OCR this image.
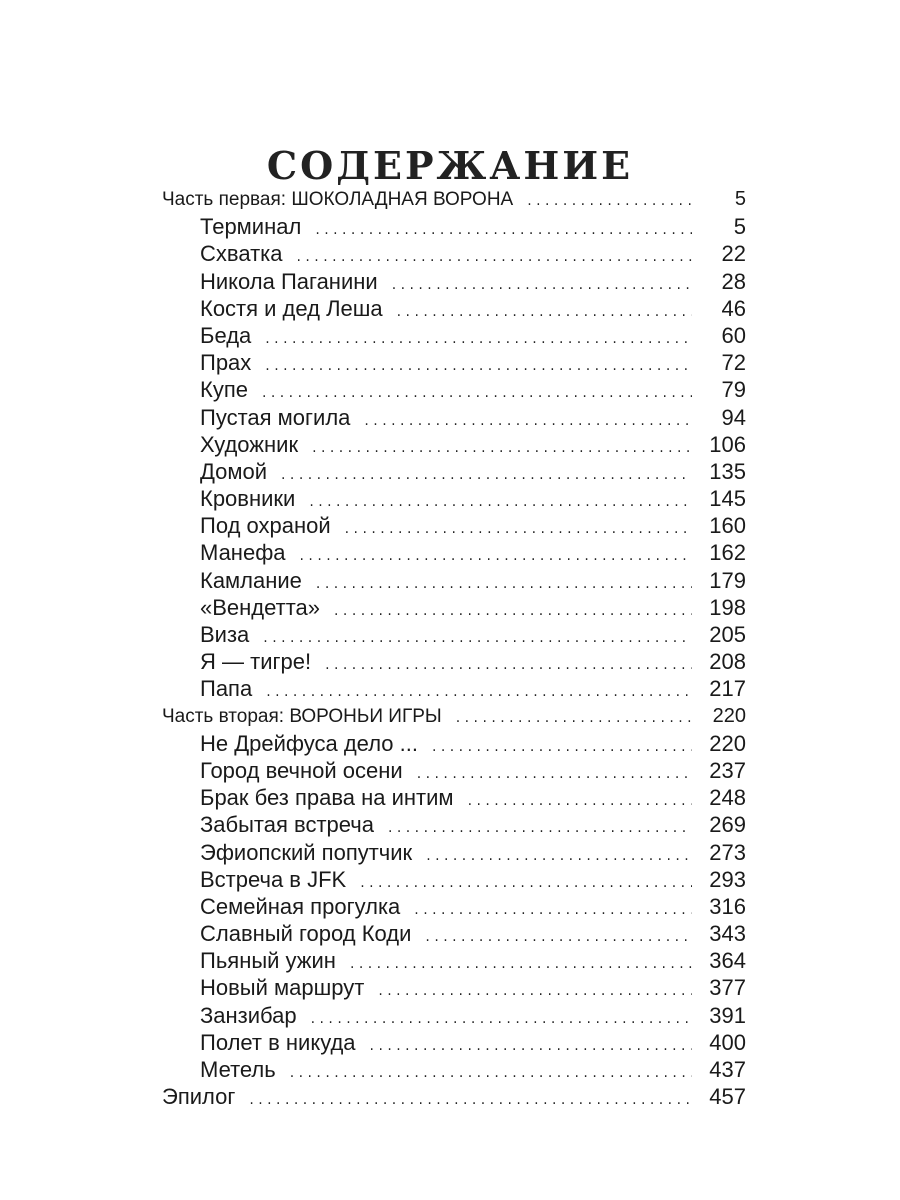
СОДЕРЖАНИЕ
Часть первая: ШОКОЛАДНАЯ ВОРОНА . . .	5
Терминал . . .	5
Схватка . . .	22
Никола Паганини . . .	28
Костя и дед Леша . . .	46
Беда . . .	60
Прах . . .	72
Купе . . .	79
Пустая могила . . .	94
Художник . . .	106
Домой . . .	135
Кровники . . .	145
Под охраной . . .	160
Манефа . . .	162
Камлание . . .	179
«Вендетта» . . .	198
Виза . . .	205
Я — тигре! . . .	208
Папа . . .	217
Часть вторая: ВОРОНЬИ ИГРЫ . . .	220
Не Дрейфуса дело ... . . .	220
Город вечной осени . . .	237
Брак без права на интим . . .	248
Забытая встреча . . .	269
Эфиопский попутчик . . .	273
Встреча в JFK . . .	293
Семейная прогулка . . .	316
Славный город Коди . . .	343
Пьяный ужин . . .	364
Новый маршрут . . .	377
Занзибар . . .	391
Полет в никуда . . .	400
Метель . . .	437
Эпилог . . .	457
